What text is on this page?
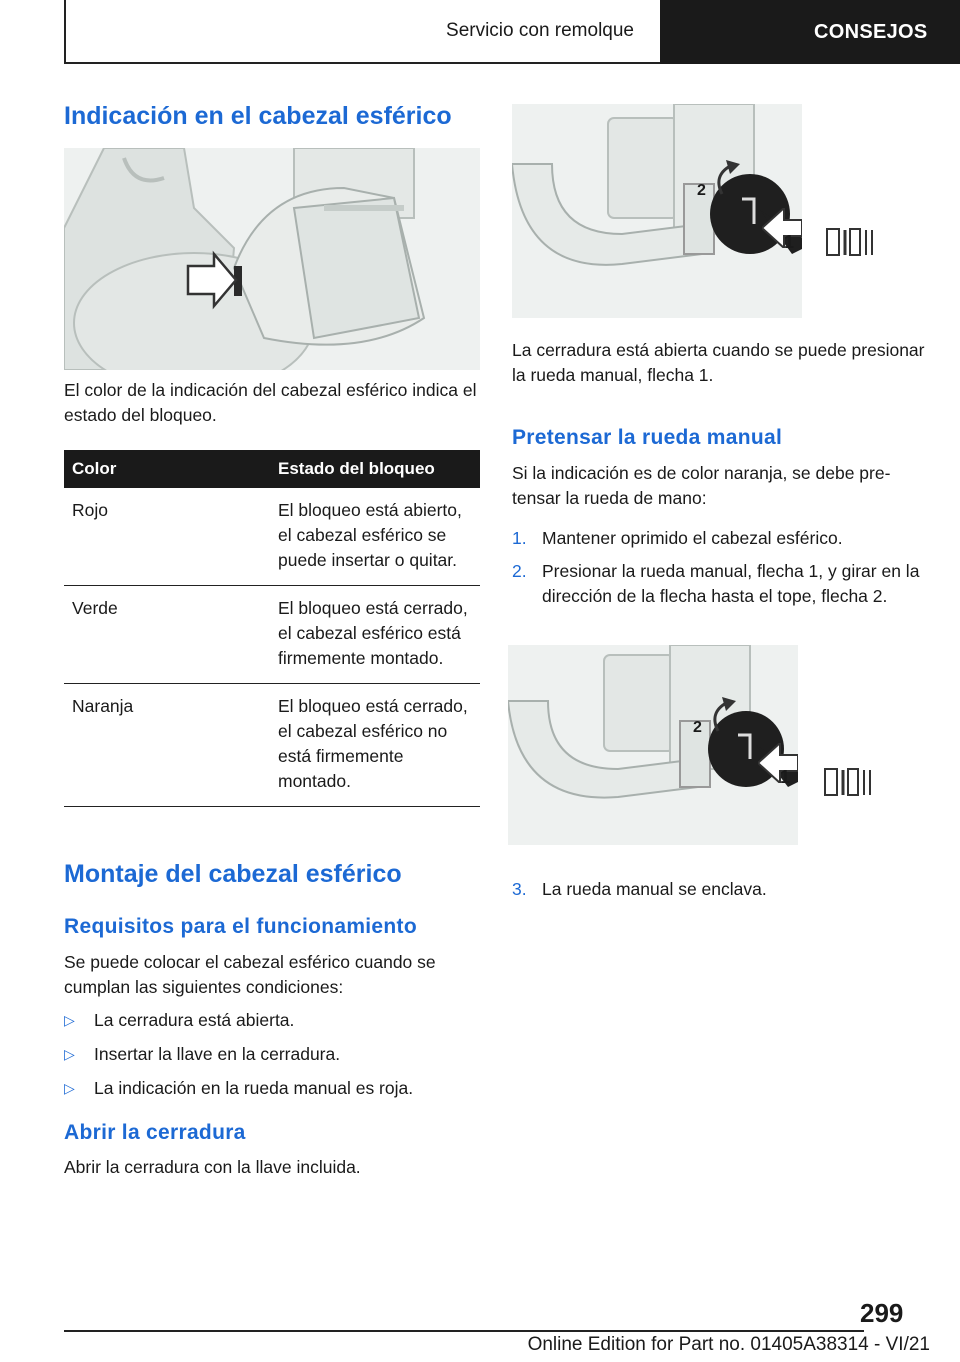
Servicio con remolque	CONSEJOS
Indicación en el cabezal esférico
El color de la indicación del cabezal esférico indica el estado del bloqueo.
Color	Estado del bloqueo
Rojo	El bloqueo está abierto, el cabezal esférico se puede insertar o quitar.
Verde	El bloqueo está cerrado, el cabezal esférico está firmemente montado.
Naranja	El bloqueo está cerrado, el cabezal esférico no está firmemente montado.
Montaje del cabezal esférico
Requisitos para el funcionamiento
Se puede colocar el cabezal esférico cuando se cumplan las siguientes condiciones:
▷ La cerradura está abierta.
▷ Insertar la llave en la cerradura.
▷ La indicación en la rueda manual es roja.
Abrir la cerradura
Abrir la cerradura con la llave incluida.
2
1
La cerradura está abierta cuando se puede presionar la rueda manual, flecha 1.
Pretensar la rueda manual
Si la indicación es de color naranja, se debe pretensar la rueda de mano:
1. Mantener oprimido el cabezal esférico.
2. Presionar la rueda manual, flecha 1, y girar en la dirección de la flecha hasta el tope, flecha 2.
2
1
3. La rueda manual se enclava.
299
Online Edition for Part no. 01405A38314 - VI/21
